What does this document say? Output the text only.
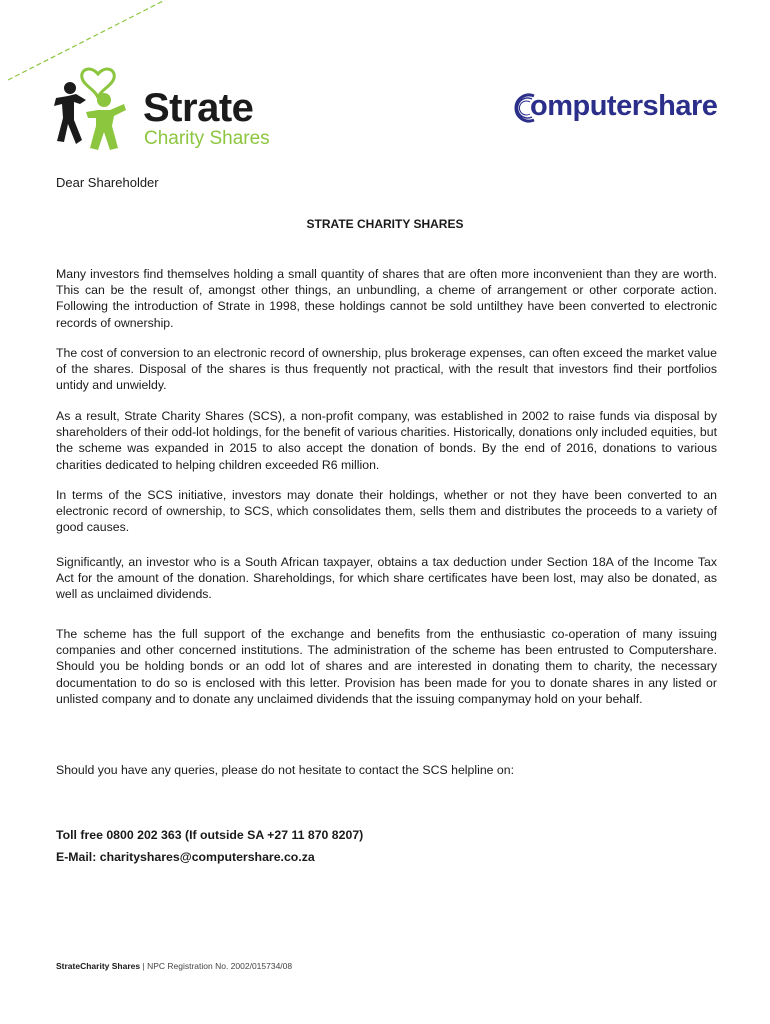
Strate
Charity Shares
omputershare
Dear Shareholder
STRATE CHARITY SHARES

Many investors find themselves holding a small quantity of shares that are often more inconvenient than they are worth. This can be the result of, amongst other things, an unbundling, a cheme of arrangement or other corporate action. Following the introduction of Strate in 1998, these holdings cannot be sold untilthey have been converted to electronic records of ownership.

The cost of conversion to an electronic record of ownership, plus brokerage expenses, can often exceed the market value of the shares. Disposal of the shares is thus frequently not practical, with the result that investors find their portfolios untidy and unwieldy.

As a result, Strate Charity Shares (SCS), a non-profit company, was established in 2002 to raise funds via disposal by shareholders of their odd-lot holdings, for the benefit of various charities. Historically, donations only included equities, but the scheme was expanded in 2015 to also accept the donation of bonds. By the end of 2016, donations to various charities dedicated to helping children exceeded R6 million.

In terms of the SCS initiative, investors may donate their holdings, whether or not they have been converted to an electronic record of ownership, to SCS, which consolidates them, sells them and distributes the proceeds to a variety of good causes.

Significantly, an investor who is a South African taxpayer, obtains a tax deduction under Section 18A of the Income Tax Act for the amount of the donation. Shareholdings, for which share certificates have been lost, may also be donated, as well as unclaimed dividends.

The scheme has the full support of the exchange and benefits from the enthusiastic co-operation of many issuing companies and other concerned institutions. The administration of the scheme has been entrusted to Computershare. Should you be holding bonds or an odd lot of shares and are interested in donating them to charity, the necessary documentation to do so is enclosed with this letter. Provision has been made for you to donate shares in any listed or unlisted company and to donate any unclaimed dividends that the issuing companymay hold on your behalf.

Should you have any queries, please do not hesitate to contact the SCS helpline on:

Toll free 0800 202 363 (If outside SA +27 11 870 8207)
E-Mail: charityshares@computershare.co.za
StrateCharity Shares | NPC Registration No. 2002/015734/08
